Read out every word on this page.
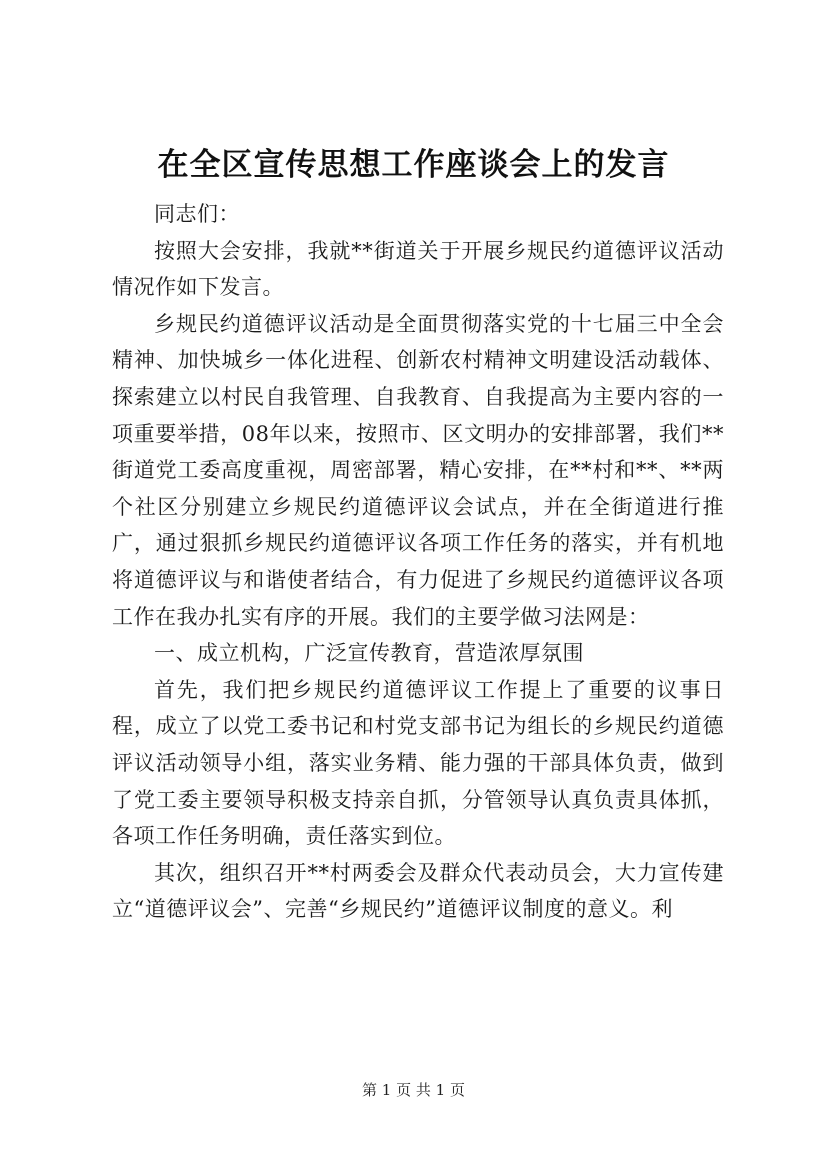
在全区宣传思想工作座谈会上的发言

同志们：

按照大会安排，我就**街道关于开展乡规民约道德评议活动情况作如下发言。

乡规民约道德评议活动是全面贯彻落实党的十七届三中全会精神、加快城乡一体化进程、创新农村精神文明建设活动载体、探索建立以村民自我管理、自我教育、自我提高为主要内容的一项重要举措，08年以来，按照市、区文明办的安排部署，我们**街道党工委高度重视，周密部署，精心安排，在**村和**、**两个社区分别建立乡规民约道德评议会试点，并在全街道进行推广，通过狠抓乡规民约道德评议各项工作任务的落实，并有机地将道德评议与和谐使者结合，有力促进了乡规民约道德评议各项工作在我办扎实有序的开展。我们的主要学做习法网是：

一、成立机构，广泛宣传教育，营造浓厚氛围

首先，我们把乡规民约道德评议工作提上了重要的议事日程，成立了以党工委书记和村党支部书记为组长的乡规民约道德评议活动领导小组，落实业务精、能力强的干部具体负责，做到了党工委主要领导积极支持亲自抓，分管领导认真负责具体抓，各项工作任务明确，责任落实到位。

其次，组织召开**村两委会及群众代表动员会，大力宣传建立“道德评议会”、完善“乡规民约”道德评议制度的意义。利

第 1 页 共 1 页
